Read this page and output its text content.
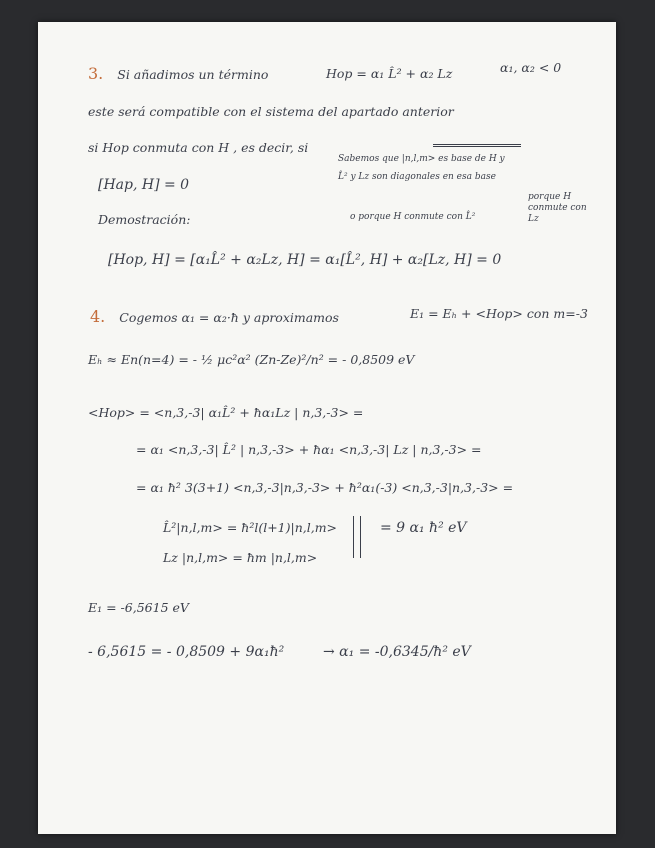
3. Si añadimos un término	Hop = α₁ L̂² + α₂ Lz	α₁, α₂ < 0
este será compatible con el sistema del apartado anterior
si Hop conmuta con H , es decir, si
[Hap, H] = 0
Sabemos que |n,l,m> es base de H y
L̂² y Lz son diagonales en esa base
Demostración:	o porque H conmute con L̂²
porque H conmute con Lz
[Hop, H] = [α₁L̂² + α₂Lz, H] = α₁[L̂², H] + α₂[Lz, H] = 0
4. Cogemos α₁ = α₂·ħ y aproximamos	E₁ = Eₕ + <Hop> con m=-3
Eₕ ≈ En(n=4) = - ½ μc²α² (Zn-Ze)²/n² = - 0,8509 eV
<Hop> = <n,3,-3| α₁L̂² + ħα₁Lz | n,3,-3> =
= α₁ <n,3,-3| L̂² | n,3,-3> + ħα₁ <n,3,-3| Lz | n,3,-3> =
= α₁ ħ² 3(3+1) <n,3,-3|n,3,-3> + ħ²α₁(-3) <n,3,-3|n,3,-3> =
L̂²|n,l,m> = ħ²l(l+1)|n,l,m>	= 9 α₁ ħ² eV
Lz |n,l,m> = ħm |n,l,m>
E₁ = -6,5615 eV
- 6,5615 = - 0,8509 + 9α₁ħ²	→ α₁ = -0,6345/ħ² eV
